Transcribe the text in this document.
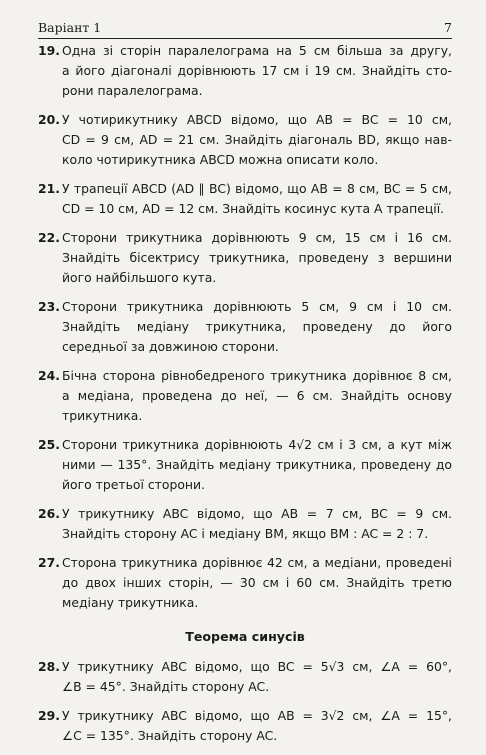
Варіант 1	7
19. Одна зі сторін паралелограма на 5 см більша за другу,
а його діагоналі дорівнюють 17 см і 19 см. Знайдіть сто-
рони паралелограма.
20. У чотирикутнику ABCD відомо, що AB = BC = 10 см,
CD = 9 см, AD = 21 см. Знайдіть діагональ BD, якщо нав-
коло чотирикутника ABCD можна описати коло.
21. У трапеції ABCD (AD ∥ BC) відомо, що AB = 8 см, BC = 5 см,
CD = 10 см, AD = 12 см. Знайдіть косинус кута A трапеції.
22. Сторони трикутника дорівнюють 9 см, 15 см і 16 см.
Знайдіть бісектрису трикутника, проведену з вершини
його найбільшого кута.
23. Сторони трикутника дорівнюють 5 см, 9 см і 10 см.
Знайдіть медіану трикутника, проведену до його
середньої за довжиною сторони.
24. Бічна сторона рівнобедреного трикутника дорівнює 8 см,
а медіана, проведена до неї, — 6 см. Знайдіть основу
трикутника.
25. Сторони трикутника дорівнюють 4√2 см і 3 см, а кут між
ними — 135°. Знайдіть медіану трикутника, проведену до
його третьої сторони.
26. У трикутнику ABC відомо, що AB = 7 см, BC = 9 см.
Знайдіть сторону AC і медіану BM, якщо BM : AC = 2 : 7.
27. Сторона трикутника дорівнює 42 см, а медіани, проведені
до двох інших сторін, — 30 см і 60 см. Знайдіть третю
медіану трикутника.
Теорема синусів
28. У трикутнику ABC відомо, що BC = 5√3 см, ∠A = 60°,
∠B = 45°. Знайдіть сторону AC.
29. У трикутнику ABC відомо, що AB = 3√2 см, ∠A = 15°,
∠C = 135°. Знайдіть сторону AC.
